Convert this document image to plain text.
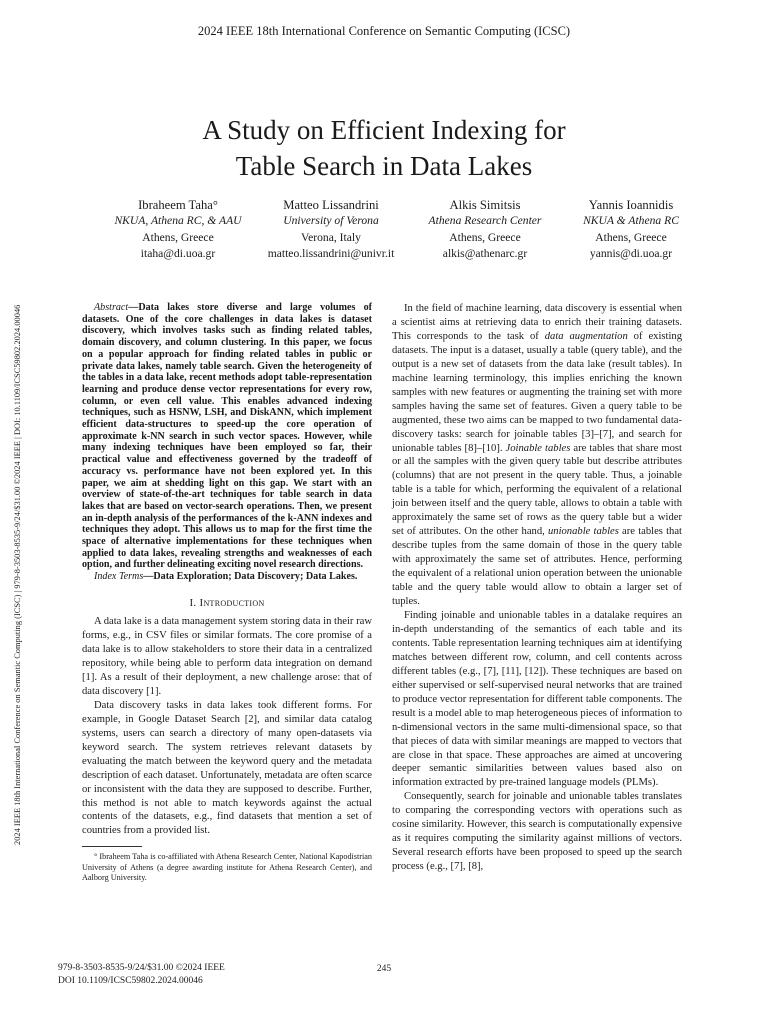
2024 IEEE 18th International Conference on Semantic Computing (ICSC)
2024 IEEE 18th International Conference on Semantic Computing (ICSC) | 979-8-3503-8535-9/24/$31.00 ©2024 IEEE | DOI: 10.1109/ICSC59802.2024.00046
A Study on Efficient Indexing for
Table Search in Data Lakes
Ibraheem Taha°
NKUA, Athena RC, & AAU
Athens, Greece
itaha@di.uoa.gr
Matteo Lissandrini
University of Verona
Verona, Italy
matteo.lissandrini@univr.it
Alkis Simitsis
Athena Research Center
Athens, Greece
alkis@athenarc.gr
Yannis Ioannidis
NKUA & Athena RC
Athens, Greece
yannis@di.uoa.gr

Abstract—Data lakes store diverse and large volumes of datasets. One of the core challenges in data lakes is dataset discovery, which involves tasks such as finding related tables, domain discovery, and column clustering. In this paper, we focus on a popular approach for finding related tables in public or private data lakes, namely table search. Given the heterogeneity of the tables in a data lake, recent methods adopt table-representation learning and produce dense vector representations for every row, column, or even cell value. This enables advanced indexing techniques, such as HSNW, LSH, and DiskANN, which implement efficient data-structures to speed-up the core operation of approximate k-NN search in such vector spaces. However, while many indexing techniques have been employed so far, their practical value and effectiveness governed by the tradeoff of accuracy vs. performance have not been explored yet. In this paper, we aim at shedding light on this gap. We start with an overview of state-of-the-art techniques for table search in data lakes that are based on vector-search operations. Then, we present an in-depth analysis of the performances of the k-ANN indexes and techniques they adopt. This allows us to map for the first time the space of alternative implementations for these techniques when applied to data lakes, revealing strengths and weaknesses of each option, and further delineating exciting novel research directions.

Index Terms—Data Exploration; Data Discovery; Data Lakes.

I. Introduction

A data lake is a data management system storing data in their raw forms, e.g., in CSV files or similar formats. The core promise of a data lake is to allow stakeholders to store their data in a centralized repository, while being able to perform data integration on demand [1]. As a result of their deployment, a new challenge arose: that of data discovery [1].

Data discovery tasks in data lakes took different forms. For example, in Google Dataset Search [2], and similar data catalog systems, users can search a directory of many open-datasets via keyword search. The system retrieves relevant datasets by evaluating the match between the keyword query and the metadata description of each dataset. Unfortunately, metadata are often scarce or inconsistent with the data they are supposed to describe. Further, this method is not able to match keywords against the actual contents of the datasets, e.g., find datasets that mention a set of countries from a provided list.

° Ibraheem Taha is co-affiliated with Athena Research Center, National Kapodistrian University of Athens (a degree awarding institute for Athena Research Center), and Aalborg University.

In the field of machine learning, data discovery is essential when a scientist aims at retrieving data to enrich their training datasets. This corresponds to the task of data augmentation of existing datasets. The input is a dataset, usually a table (query table), and the output is a new set of datasets from the data lake (result tables). In machine learning terminology, this implies enriching the known samples with new features or augmenting the training set with more samples having the same set of features. Given a query table to be augmented, these two aims can be mapped to two fundamental data-discovery tasks: search for joinable tables [3]–[7], and search for unionable tables [8]–[10]. Joinable tables are tables that share most or all the samples with the given query table but describe attributes (columns) that are not present in the query table. Thus, a joinable table is a table for which, performing the equivalent of a relational join between itself and the query table, allows to obtain a table with approximately the same set of rows as the query table but a wider set of attributes. On the other hand, unionable tables are tables that describe tuples from the same domain of those in the query table with approximately the same set of attributes. Hence, performing the equivalent of a relational union operation between the unionable table and the query table would allow to obtain a larger set of tuples.

Finding joinable and unionable tables in a datalake requires an in-depth understanding of the semantics of each table and its contents. Table representation learning techniques aim at identifying matches between different row, column, and cell contents across different tables (e.g., [7], [11], [12]). These techniques are based on either supervised or self-supervised neural networks that are trained to produce vector representation for different table components. The result is a model able to map heterogeneous pieces of information to n-dimensional vectors in the same multi-dimensional space, so that that pieces of data with similar meanings are mapped to vectors that are close in that space. These approaches are aimed at uncovering deeper semantic similarities between values based also on information extracted by pre-trained language models (PLMs).

Consequently, search for joinable and unionable tables translates to comparing the corresponding vectors with operations such as cosine similarity. However, this search is computationally expensive as it requires computing the similarity against millions of vectors. Several research efforts have been proposed to speed up the search process (e.g., [7], [8],

979-8-3503-8535-9/24/$31.00 ©2024 IEEE
DOI 10.1109/ICSC59802.2024.00046
245
